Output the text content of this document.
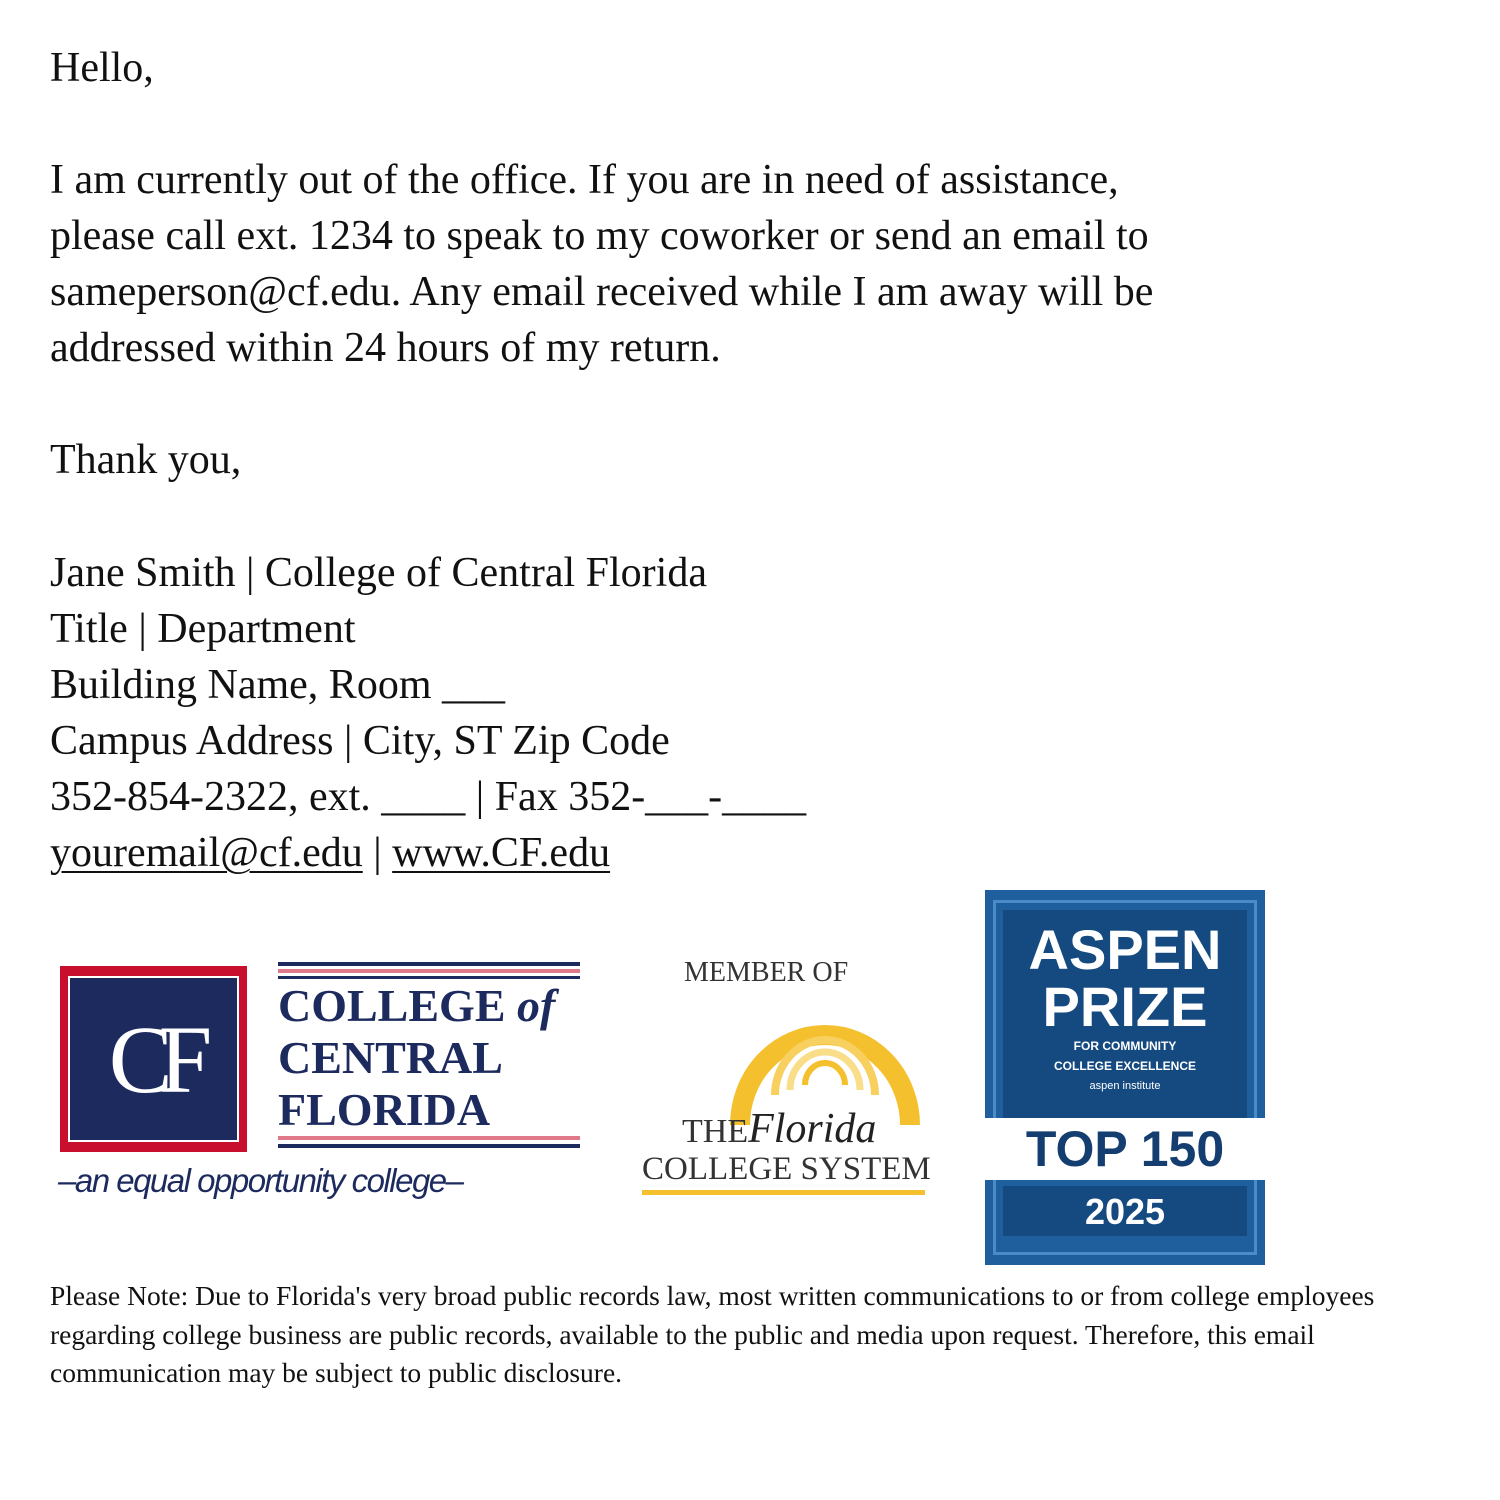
Hello,
I am currently out of the office. If you are in need of assistance,
please call ext. 1234 to speak to my coworker or send an email to
sameperson@cf.edu. Any email received while I am away will be
addressed within 24 hours of my return.
Thank you,
Jane Smith | College of Central Florida
Title | Department
Building Name, Room ___
Campus Address | City, ST Zip Code
352-854-2322, ext. ____ | Fax 352-___-____
youremail@cf.edu | www.CF.edu
CF COLLEGE of
CENTRAL
FLORIDA
–an equal opportunity college–
MEMBER OF
THEFlorida
COLLEGE SYSTEM
ASPEN
PRIZE
FOR COMMUNITY
COLLEGE EXCELLENCE
aspen institute
TOP 150
2025
Please Note: Due to Florida's very broad public records law, most written communications to or from college employees regarding college business are public records, available to the public and media upon request. Therefore, this email communication may be subject to public disclosure.
